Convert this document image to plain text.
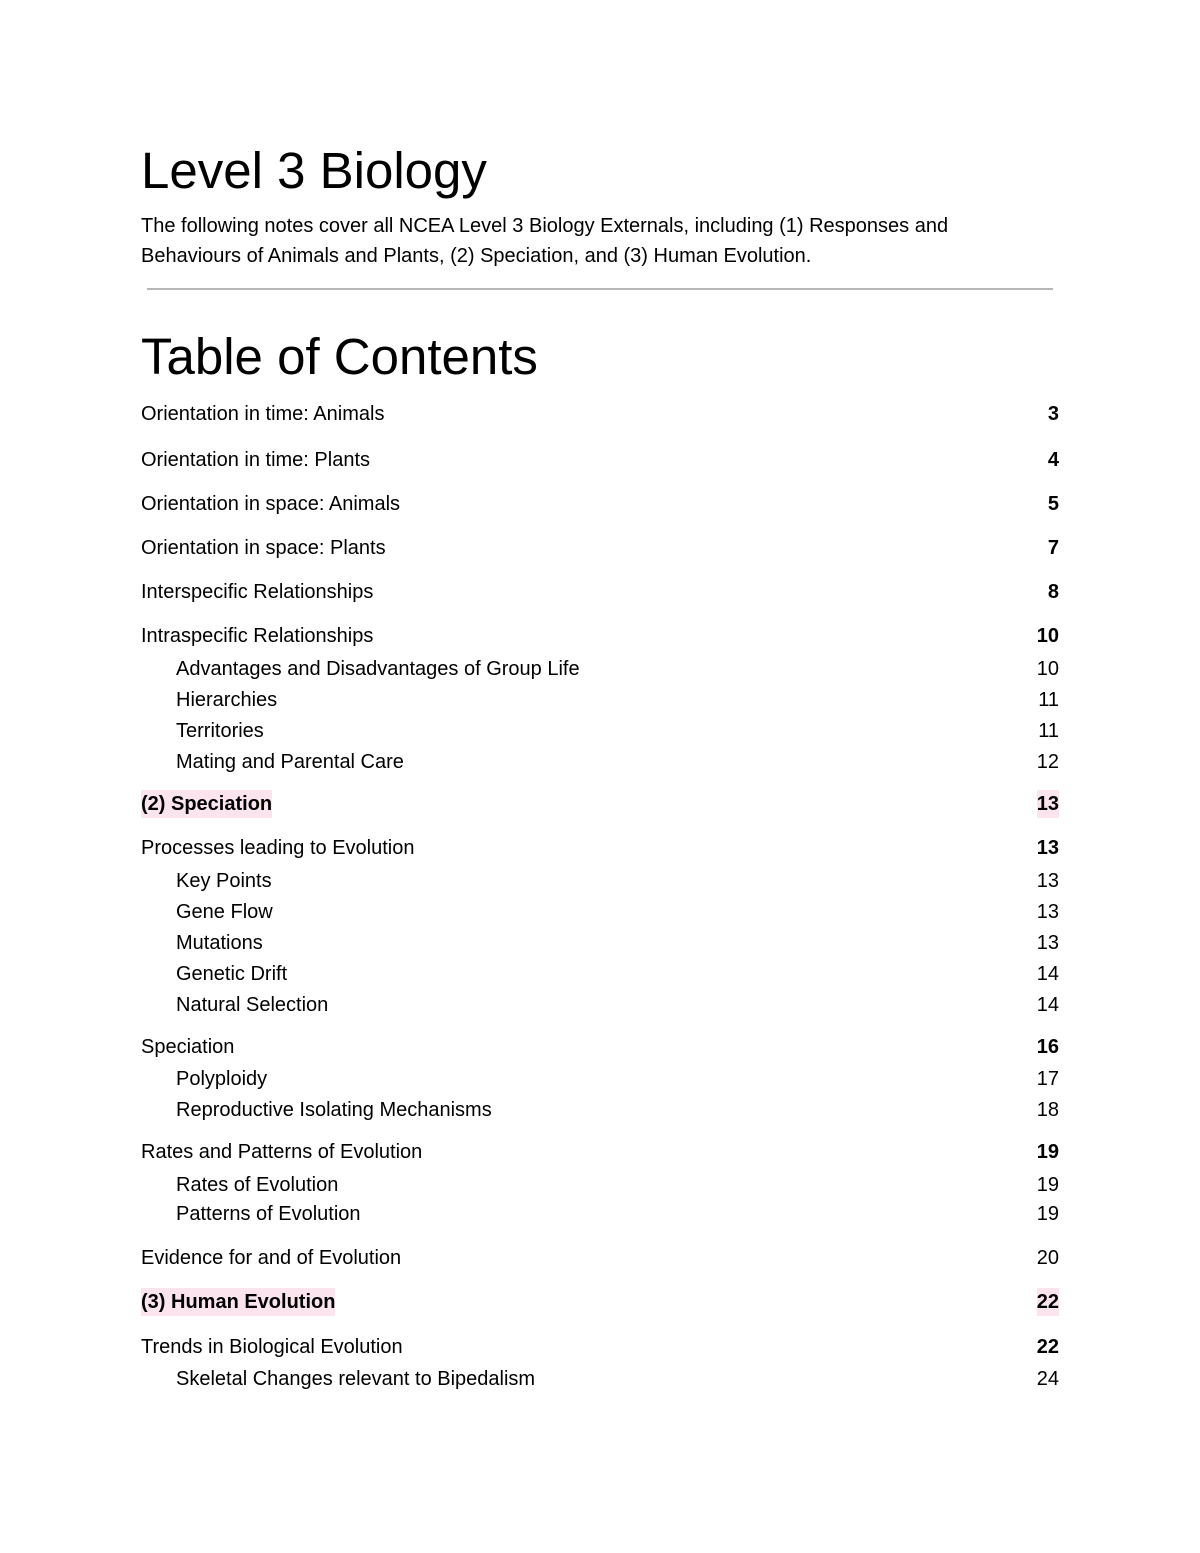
Level 3 Biology

The following notes cover all NCEA Level 3 Biology Externals, including (1) Responses and Behaviours of Animals and Plants, (2) Speciation, and (3) Human Evolution.

Table of Contents
Orientation in time: Animals	3
Orientation in time: Plants	4
Orientation in space: Animals	5
Orientation in space: Plants	7
Interspecific Relationships	8
Intraspecific Relationships	10
Advantages and Disadvantages of Group Life	10
Hierarchies	11
Territories	11
Mating and Parental Care	12
(2) Speciation	13
Processes leading to Evolution	13
Key Points	13
Gene Flow	13
Mutations	13
Genetic Drift	14
Natural Selection	14
Speciation	16
Polyploidy	17
Reproductive Isolating Mechanisms	18
Rates and Patterns of Evolution	19
Rates of Evolution	19
Patterns of Evolution	19
Evidence for and of Evolution	20
(3) Human Evolution	22
Trends in Biological Evolution	22
Skeletal Changes relevant to Bipedalism	24
